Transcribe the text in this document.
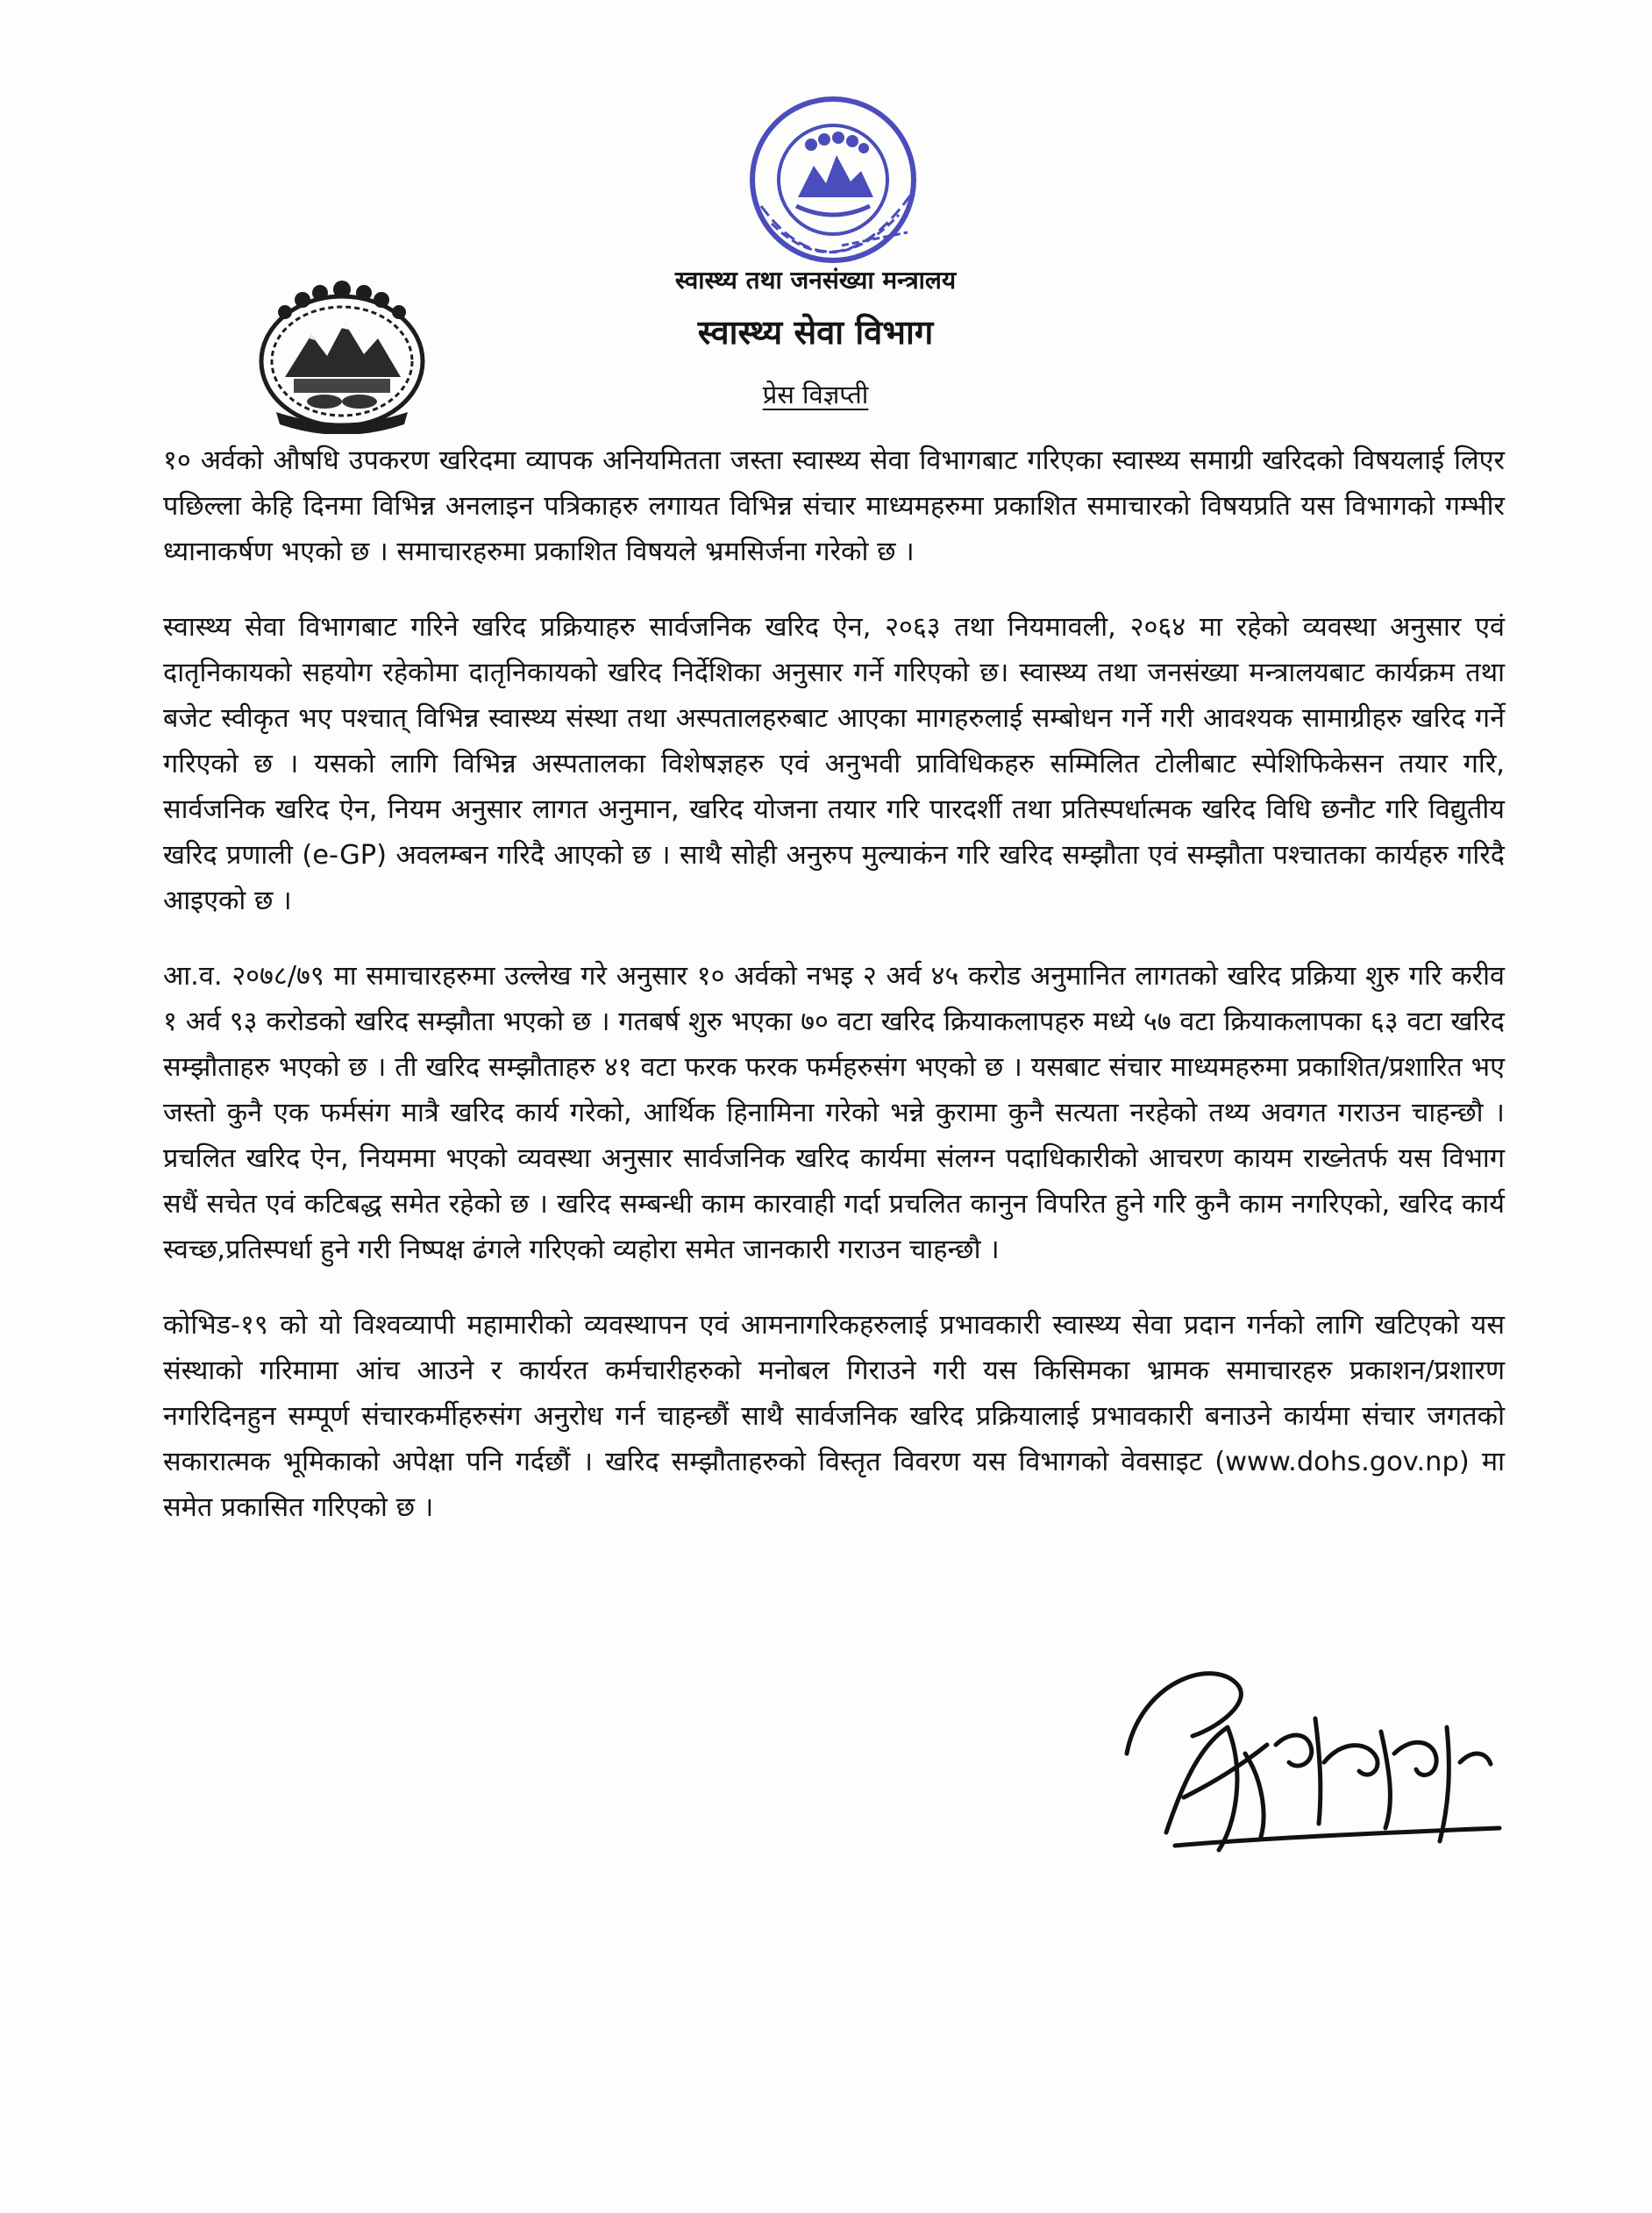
स्वास्थ्य तथा जनसंख्या मन्त्रालय
स्वास्थ्य सेवा विभाग
प्रेस विज्ञप्ती

१० अर्वको औषधि उपकरण खरिदमा व्यापक अनियमितता जस्ता स्वास्थ्य सेवा विभागबाट गरिएका स्वास्थ्य समाग्री खरिदको विषयलाई लिएर पछिल्ला केहि दिनमा विभिन्न अनलाइन पत्रिकाहरु लगायत विभिन्न संचार माध्यमहरुमा प्रकाशित समाचारको विषयप्रति यस विभागको गम्भीर ध्यानाकर्षण भएको छ । समाचारहरुमा प्रकाशित विषयले भ्रमसिर्जना गरेको छ ।

स्वास्थ्य सेवा विभागबाट गरिने खरिद प्रक्रियाहरु सार्वजनिक खरिद ऐन, २०६३ तथा नियमावली, २०६४ मा रहेको व्यवस्था अनुसार एवं दातृनिकायको सहयोग रहेकोमा दातृनिकायको खरिद निर्देशिका अनुसार गर्ने गरिएको छ। स्वास्थ्य तथा जनसंख्या मन्त्रालयबाट कार्यक्रम तथा बजेट स्वीकृत भए पश्चात् विभिन्न स्वास्थ्य संस्था तथा अस्पतालहरुबाट आएका मागहरुलाई सम्बोधन गर्ने गरी आवश्यक सामाग्रीहरु खरिद गर्ने गरिएको छ । यसको लागि विभिन्न अस्पतालका विशेषज्ञहरु एवं अनुभवी प्राविधिकहरु सम्मिलित टोलीबाट स्पेशिफिकेसन तयार गरि, सार्वजनिक खरिद ऐन, नियम अनुसार लागत अनुमान, खरिद योजना तयार गरि पारदर्शी तथा प्रतिस्पर्धात्मक खरिद विधि छनौट गरि विद्युतीय खरिद प्रणाली (e-GP) अवलम्बन गरिदै आएको छ । साथै सोही अनुरुप मुल्याकंन गरि खरिद सम्झौता एवं सम्झौता पश्चातका कार्यहरु गरिदै आइएको छ ।

आ.व. २०७८/७९ मा समाचारहरुमा उल्लेख गरे अनुसार १० अर्वको नभइ २ अर्व ४५ करोड अनुमानित लागतको खरिद प्रक्रिया शुरु गरि करीव १ अर्व ९३ करोडको खरिद सम्झौता भएको छ । गतबर्ष शुरु भएका ७० वटा खरिद क्रियाकलापहरु मध्ये ५७ वटा क्रियाकलापका ६३ वटा खरिद सम्झौताहरु भएको छ । ती खरिद सम्झौताहरु ४१ वटा फरक फरक फर्महरुसंग भएको छ । यसबाट संचार माध्यमहरुमा प्रकाशित/प्रशारित भए जस्तो कुनै एक फर्मसंग मात्रै खरिद कार्य गरेको, आर्थिक हिनामिना गरेको भन्ने कुरामा कुनै सत्यता नरहेको तथ्य अवगत गराउन चाहन्छौ । प्रचलित खरिद ऐन, नियममा भएको व्यवस्था अनुसार सार्वजनिक खरिद कार्यमा संलग्न पदाधिकारीको आचरण कायम राख्नेतर्फ यस विभाग सधैं सचेत एवं कटिबद्ध समेत रहेको छ । खरिद सम्बन्धी काम कारवाही गर्दा प्रचलित कानुन विपरित हुने गरि कुनै काम नगरिएको, खरिद कार्य स्वच्छ,प्रतिस्पर्धा हुने गरी निष्पक्ष ढंगले गरिएको व्यहोरा समेत जानकारी गराउन चाहन्छौ ।

कोभिड-१९ को यो विश्वव्यापी महामारीको व्यवस्थापन एवं आमनागरिकहरुलाई प्रभावकारी स्वास्थ्य सेवा प्रदान गर्नको लागि खटिएको यस संस्थाको गरिमामा आंच आउने र कार्यरत कर्मचारीहरुको मनोबल गिराउने गरी यस किसिमका भ्रामक समाचारहरु प्रकाशन/प्रशारण नगरिदिनहुन सम्पूर्ण संचारकर्मीहरुसंग अनुरोध गर्न चाहन्छौं साथै सार्वजनिक खरिद प्रक्रियालाई प्रभावकारी बनाउने कार्यमा संचार जगतको सकारात्मक भूमिकाको अपेक्षा पनि गर्दछौं । खरिद सम्झौताहरुको विस्तृत विवरण यस विभागको वेवसाइट (www.dohs.gov.np) मा समेत प्रकासित गरिएको छ ।
